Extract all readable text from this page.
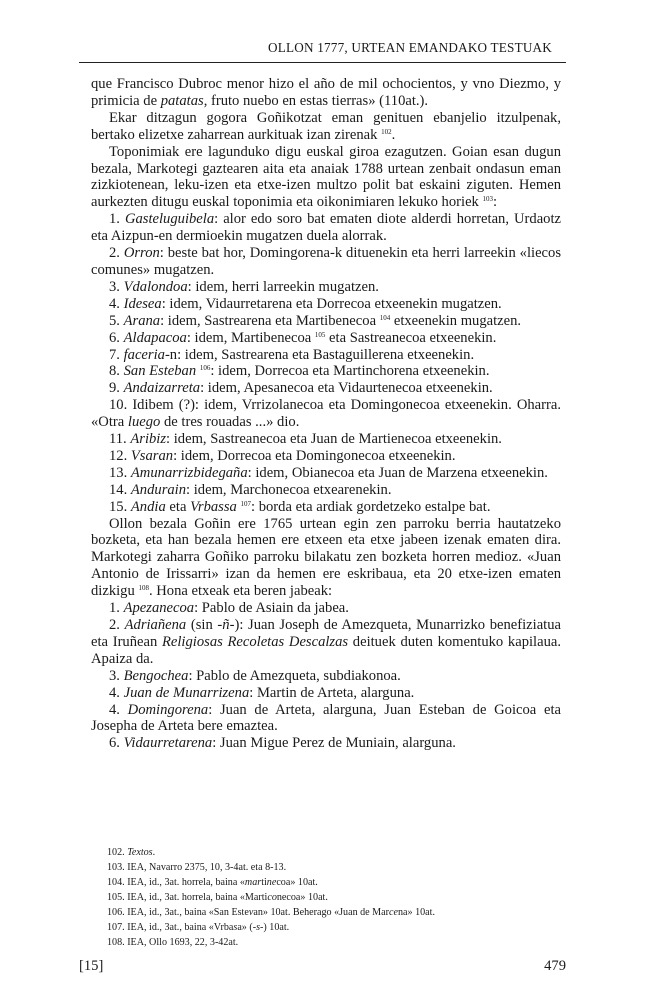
OLLON 1777, URTEAN EMANDAKO TESTUAK

que Francisco Dubroc menor hizo el año de mil ochocientos, y vno Diezmo, y primicia de patatas, fruto nuebo en estas tierras» (110at.).

Ekar ditzagun gogora Goñikotzat eman genituen ebanjelio itzulpenak, bertako elizetxe zaharrean aurkituak izan zirenak $^{102}$.

Toponimiak ere lagunduko digu euskal giroa ezagutzen. Goian esan dugun bezala, Markotegi gaztearen aita eta anaiak 1788 urtean zenbait ondasun eman zizkiotenean, leku-izen eta etxe-izen multzo polit bat eskaini ziguten. Hemen aurkezten ditugu euskal toponimia eta oikonimiaren lekuko horiek $^{103}$:

1. Gasteluguibela: alor edo soro bat ematen diote alderdi horretan, Urdaotz eta Aizpun-en dermioekin mugatzen duela alorrak.

2. Orron: beste bat hor, Domingorena-k dituenekin eta herri larreekin «liecos comunes» mugatzen.

3. Vdalondoa: idem, herri larreekin mugatzen.

4. Idesea: idem, Vidaurretarena eta Dorrecoa etxeenekin mugatzen.

5. Arana: idem, Sastrearena eta Martibenecoa $^{104}$ etxeenekin mugatzen.

6. Aldapacoa: idem, Martibenecoa $^{105}$ eta Sastreanecoa etxeenekin.

7. faceria-n: idem, Sastrearena eta Bastaguillerena etxeenekin.

8. San Esteban $^{106}$: idem, Dorrecoa eta Martinchorena etxeenekin.

9. Andaizarreta: idem, Apesanecoa eta Vidaurtenecoa etxeenekin.

10. Idibem (?): idem, Vrrizolanecoa eta Domingonecoa etxeenekin. Oharra. «Otra luego de tres rouadas ...» dio.

11. Aribiz: idem, Sastreanecoa eta Juan de Martienecoa etxeenekin.

12. Vsaran: idem, Dorrecoa eta Domingonecoa etxeenekin.

13. Amunarrizbidegaña: idem, Obianecoa eta Juan de Marzena etxeenekin.

14. Andurain: idem, Marchonecoa etxearenekin.

15. Andia eta Vrbassa $^{107}$: borda eta ardiak gordetzeko estalpe bat.

Ollon bezala Goñin ere 1765 urtean egin zen parroku berria hautatzeko bozketa, eta han bezala hemen ere etxeen eta etxe jabeen izenak ematen dira. Markotegi zaharra Goñiko parroku bilakatu zen bozketa horren medioz. «Juan Antonio de Irissarri» izan da hemen ere eskribaua, eta 20 etxe-izen ematen dizkigu $^{108}$. Hona etxeak eta beren jabeak:

1. Apezanecoa: Pablo de Asiain da jabea.

2. Adriañena (sin -ñ-): Juan Joseph de Amezqueta, Munarrizko benefiziatua eta Iruñean Religiosas Recoletas Descalzas deituek duten komentuko kapilaua. Apaiza da.

3. Bengochea: Pablo de Amezqueta, subdiakonoa.

4. Juan de Munarrizena: Martin de Arteta, alarguna.

4. Domingorena: Juan de Arteta, alarguna, Juan Esteban de Goicoa eta Josepha de Arteta bere emaztea.

6. Vidaurretarena: Juan Migue Perez de Muniain, alarguna.

102. Textos.
103. IEA, Navarro 2375, 10, 3-4at. eta 8-13.
104. IEA, id., 3at. horrela, baina «martinecoa» 10at.
105. IEA, id., 3at. horrela, baina «Marticonecoa» 10at.
106. IEA, id., 3at., baina «San Estevan» 10at. Beherago «Juan de Marcena» 10at.
107. IEA, id., 3at., baina «Vrbasa» (-s-) 10at.
108. IEA, Ollo 1693, 22, 3-42at.
[15]	479
